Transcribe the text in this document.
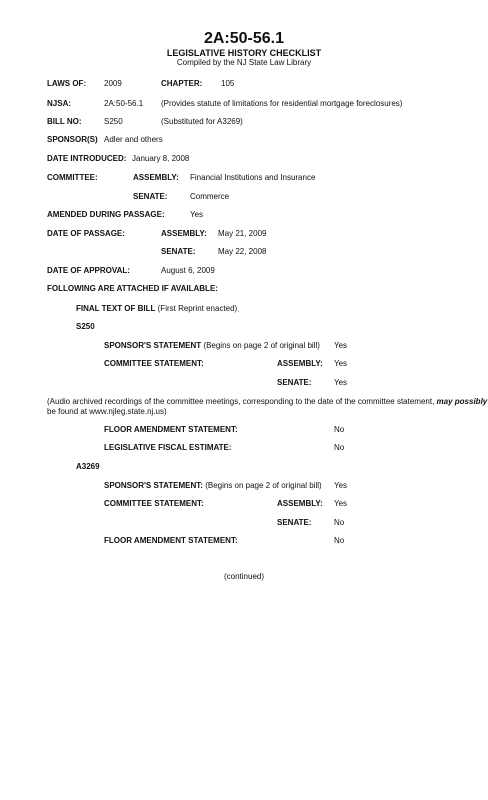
2A:50-56.1
LEGISLATIVE HISTORY CHECKLIST
Compiled by the NJ State Law Library
LAWS OF: 2009	CHAPTER: 105
NJSA:	2A:50-56.1 (Provides statute of limitations for residential mortgage foreclosures)
BILL NO:	S250	(Substituted for A3269)
SPONSOR(S) Adler and others
DATE INTRODUCED: January 8, 2008
COMMITTEE:	ASSEMBLY: Financial Institutions and Insurance
SENATE:	Commerce
AMENDED DURING PASSAGE:	Yes
DATE OF PASSAGE:	ASSEMBLY: May 21, 2009
SENATE:	May 22, 2008
DATE OF APPROVAL:	August 6, 2009
FOLLOWING ARE ATTACHED IF AVAILABLE:
FINAL TEXT OF BILL (First Reprint enacted)
S250
SPONSOR'S STATEMENT (Begins on page 2 of original bill) Yes
COMMITTEE STATEMENT:	ASSEMBLY: Yes
SENATE:	Yes
(Audio archived recordings of the committee meetings, corresponding to the date of the committee statement, may possibly
be found at www.njleg.state.nj.us)
FLOOR AMENDMENT STATEMENT:	No
LEGISLATIVE FISCAL ESTIMATE:	No
A3269
SPONSOR'S STATEMENT: (Begins on page 2 of original bill) Yes
COMMITTEE STATEMENT:	ASSEMBLY: Yes
SENATE:	No
FLOOR AMENDMENT STATEMENT:	No
(continued)
